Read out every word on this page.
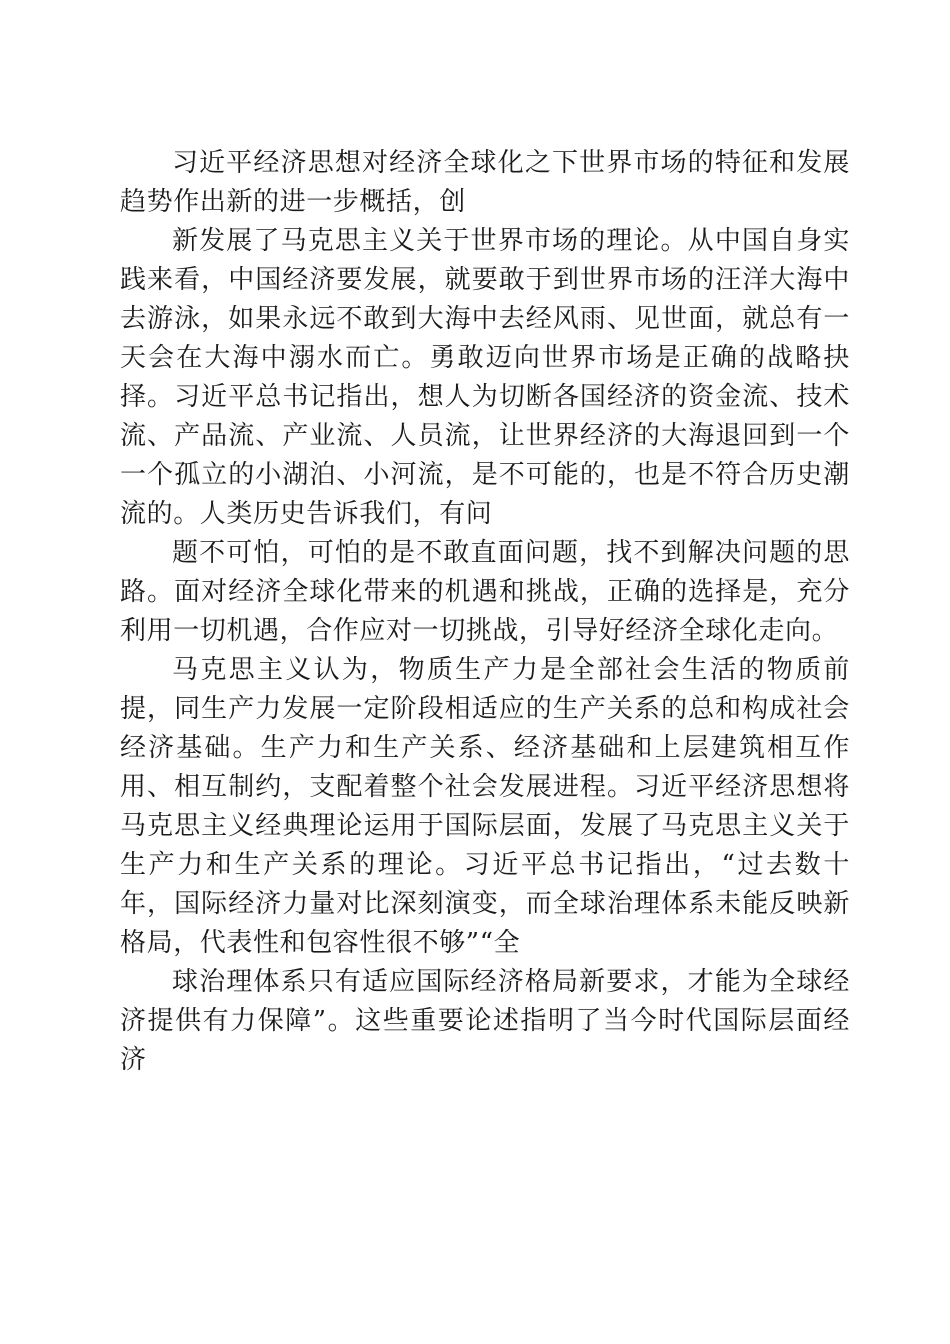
习近平经济思想对经济全球化之下世界市场的特征和发展趋势作出新的进一步概括，创

新发展了马克思主义关于世界市场的理论。从中国自身实践来看，中国经济要发展，就要敢于到世界市场的汪洋大海中去游泳，如果永远不敢到大海中去经风雨、见世面，就总有一天会在大海中溺水而亡。勇敢迈向世界市场是正确的战略抉择。习近平总书记指出，想人为切断各国经济的资金流、技术流、产品流、产业流、人员流，让世界经济的大海退回到一个一个孤立的小湖泊、小河流，是不可能的，也是不符合历史潮流的。人类历史告诉我们，有问

题不可怕，可怕的是不敢直面问题，找不到解决问题的思路。面对经济全球化带来的机遇和挑战，正确的选择是，充分利用一切机遇，合作应对一切挑战，引导好经济全球化走向。

马克思主义认为，物质生产力是全部社会生活的物质前提，同生产力发展一定阶段相适应的生产关系的总和构成社会经济基础。生产力和生产关系、经济基础和上层建筑相互作用、相互制约，支配着整个社会发展进程。习近平经济思想将马克思主义经典理论运用于国际层面，发展了马克思主义关于生产力和生产关系的理论。习近平总书记指出，“过去数十年，国际经济力量对比深刻演变，而全球治理体系未能反映新格局，代表性和包容性很不够”“全

球治理体系只有适应国际经济格局新要求，才能为全球经济提供有力保障”。这些重要论述指明了当今时代国际层面经济
